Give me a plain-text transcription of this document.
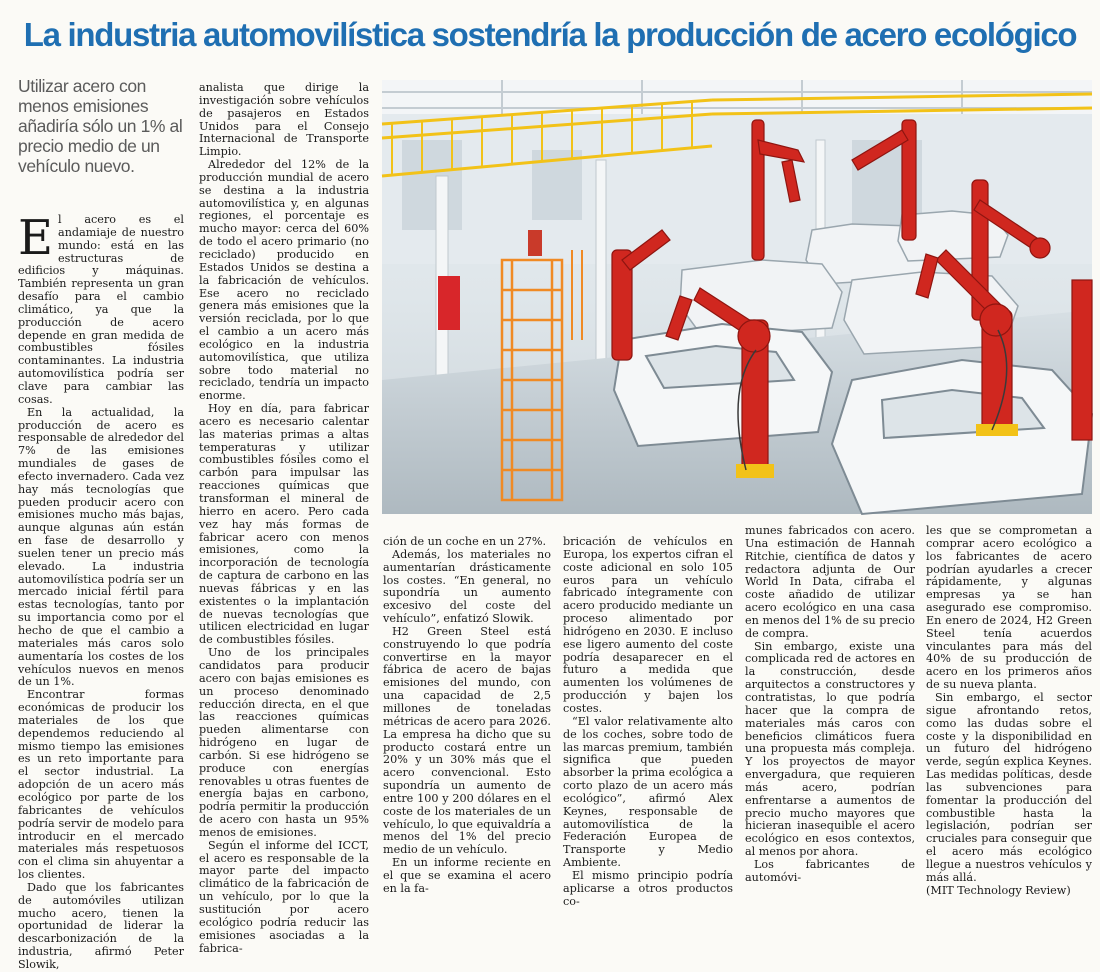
La industria automovilística sostendría la producción de acero ecológico
Utilizar acero con menos emisiones añadiría sólo un 1% al precio medio de un vehículo nuevo.

El acero es el andamiaje de nuestro mundo: está en las estructuras de edificios y máquinas. También representa un gran desafío para el cambio climático, ya que la producción de acero depende en gran medida de combustibles fósiles contaminantes. La industria automovilística podría ser clave para cambiar las cosas.

En la actualidad, la producción de acero es responsable de alrededor del 7% de las emisiones mundiales de gases de efecto invernadero. Cada vez hay más tecnologías que pueden producir acero con emisiones mucho más bajas, aunque algunas aún están en fase de desarrollo y suelen tener un precio más elevado. La industria automovilística podría ser un mercado inicial fértil para estas tecnologías, tanto por su importancia como por el hecho de que el cambio a materiales más caros solo aumentaría los costes de los vehículos nuevos en menos de un 1%.

Encontrar formas económicas de producir los materiales de los que dependemos reduciendo al mismo tiempo las emisiones es un reto importante para el sector industrial. La adopción de un acero más ecológico por parte de los fabricantes de vehículos podría servir de modelo para introducir en el mercado materiales más respetuosos con el clima sin ahuyentar a los clientes.

Dado que los fabricantes de automóviles utilizan mucho acero, tienen la oportunidad de liderar la descarbonización de la industria, afirmó Peter Slowik,

analista que dirige la investigación sobre vehículos de pasajeros en Estados Unidos para el Consejo Internacional de Transporte Limpio.

Alrededor del 12% de la producción mundial de acero se destina a la industria automovilística y, en algunas regiones, el porcentaje es mucho mayor: cerca del 60% de todo el acero primario (no reciclado) producido en Estados Unidos se destina a la fabricación de vehículos. Ese acero no reciclado genera más emisiones que la versión reciclada, por lo que el cambio a un acero más ecológico en la industria automovilística, que utiliza sobre todo material no reciclado, tendría un impacto enorme.

Hoy en día, para fabricar acero es necesario calentar las materias primas a altas temperaturas y utilizar combustibles fósiles como el carbón para impulsar las reacciones químicas que transforman el mineral de hierro en acero. Pero cada vez hay más formas de fabricar acero con menos emisiones, como la incorporación de tecnología de captura de carbono en las nuevas fábricas y en las existentes o la implantación de nuevas tecnologías que utilicen electricidad en lugar de combustibles fósiles.

Uno de los principales candidatos para producir acero con bajas emisiones es un proceso denominado reducción directa, en el que las reacciones químicas pueden alimentarse con hidrógeno en lugar de carbón. Si ese hidrógeno se produce con energías renovables u otras fuentes de energía bajas en carbono, podría permitir la producción de acero con hasta un 95% menos de emisiones.

Según el informe del ICCT, el acero es responsable de la mayor parte del impacto climático de la fabricación de un vehículo, por lo que la sustitución por acero ecológico podría reducir las emisiones asociadas a la fabrica-

ción de un coche en un 27%.

Además, los materiales no aumentarían drásticamente los costes. “En general, no supondría un aumento excesivo del coste del vehículo”, enfatizó Slowik.

H2 Green Steel está construyendo lo que podría convertirse en la mayor fábrica de acero de bajas emisiones del mundo, con una capacidad de 2,5 millones de toneladas métricas de acero para 2026. La empresa ha dicho que su producto costará entre un 20% y un 30% más que el acero convencional. Esto supondría un aumento de entre 100 y 200 dólares en el coste de los materiales de un vehículo, lo que equivaldría a menos del 1% del precio medio de un vehículo.

En un informe reciente en el que se examina el acero en la fa-

bricación de vehículos en Europa, los expertos cifran el coste adicional en solo 105 euros para un vehículo fabricado íntegramente con acero producido mediante un proceso alimentado por hidrógeno en 2030. E incluso ese ligero aumento del coste podría desaparecer en el futuro a medida que aumenten los volúmenes de producción y bajen los costes.

“El valor relativamente alto de los coches, sobre todo de las marcas premium, también significa que pueden absorber la prima ecológica a corto plazo de un acero más ecológico”, afirmó Alex Keynes, responsable de automovilística de la Federación Europea de Transporte y Medio Ambiente.

El mismo principio podría aplicarse a otros productos co-

munes fabricados con acero. Una estimación de Hannah Ritchie, científica de datos y redactora adjunta de Our World In Data, cifraba el coste añadido de utilizar acero ecológico en una casa en menos del 1% de su precio de compra.

Sin embargo, existe una complicada red de actores en la construcción, desde arquitectos a constructores y contratistas, lo que podría hacer que la compra de materiales más caros con beneficios climáticos fuera una propuesta más compleja. Y los proyectos de mayor envergadura, que requieren más acero, podrían enfrentarse a aumentos de precio mucho mayores que hicieran inasequible el acero ecológico en esos contextos, al menos por ahora.

Los fabricantes de automóvi-

les que se comprometan a comprar acero ecológico a los fabricantes de acero podrían ayudarles a crecer rápidamente, y algunas empresas ya se han asegurado ese compromiso. En enero de 2024, H2 Green Steel tenía acuerdos vinculantes para más del 40% de su producción de acero en los primeros años de su nueva planta.

Sin embargo, el sector sigue afrontando retos, como las dudas sobre el coste y la disponibilidad en un futuro del hidrógeno verde, según explica Keynes. Las medidas políticas, desde las subvenciones para fomentar la producción del combustible hasta la legislación, podrían ser cruciales para conseguir que el acero más ecológico llegue a nuestros vehículos y más allá.

(MIT Technology Review)
